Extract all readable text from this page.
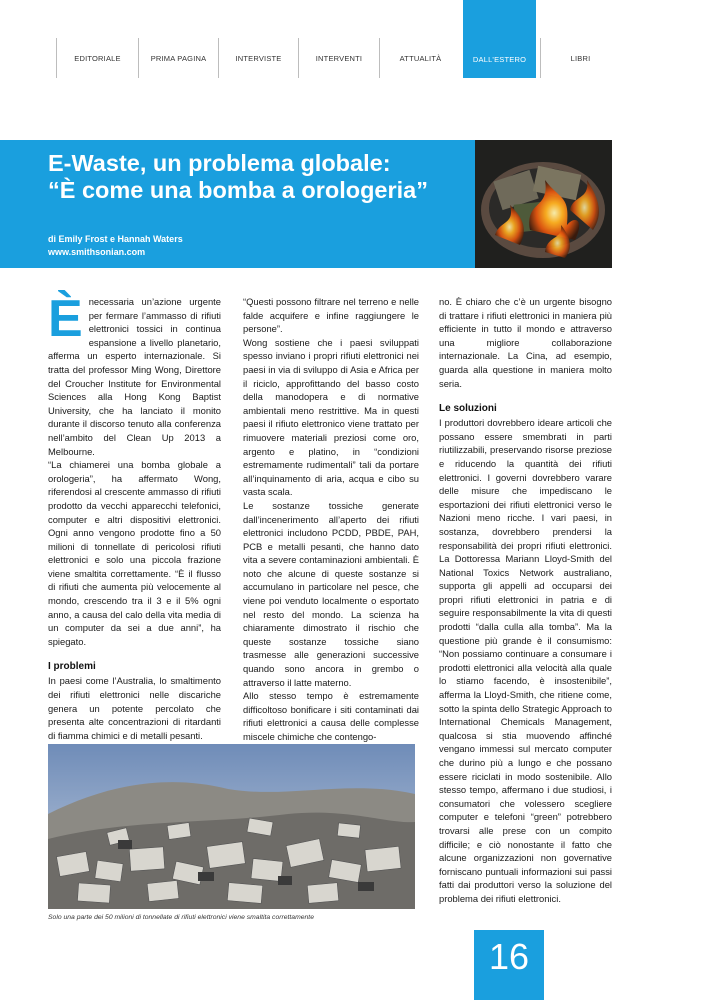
EDITORIALE	PRIMA PAGINA	INTERVISTE	INTERVENTI	ATTUALITÀ	DALL'ESTERO	LIBRI
E-Waste, un problema globale:
“È come una bomba a orologeria”
di Emily Frost e Hannah Waters
www.smithsonian.com

Ènecessaria un’azione urgente per fermare l’ammasso di rifiuti elettronici tossici in continua espansione a livello planetario, afferma un esperto internazionale. Si tratta del professor Ming Wong, Direttore del Croucher Institute for Environmental Sciences alla Hong Kong Baptist University, che ha lanciato il monito durante il discorso tenuto alla conferenza nell’ambito del Clean Up 2013 a Melbourne.

“La chiamerei una bomba globale a orologeria”, ha affermato Wong, riferendosi al crescente ammasso di rifiuti prodotto da vecchi apparecchi telefonici, computer e altri dispositivi elettronici. Ogni anno vengono prodotte fino a 50 milioni di tonnellate di pericolosi rifiuti elettronici e solo una piccola frazione viene smaltita correttamente. “È il flusso di rifiuti che aumenta più velocemente al mondo, crescendo tra il 3 e il 5% ogni anno, a causa del calo della vita media di un computer da sei a due anni”, ha spiegato.

I problemi

In paesi come l’Australia, lo smaltimento dei rifiuti elettronici nelle discariche genera un potente percolato che presenta alte concentrazioni di ritardanti di fiamma chimici e di metalli pesanti.

“Questi possono filtrare nel terreno e nelle falde acquifere e infine raggiungere le persone”.

Wong sostiene che i paesi sviluppati spesso inviano i propri rifiuti elettronici nei paesi in via di sviluppo di Asia e Africa per il riciclo, approfittando del basso costo della manodopera e di normative ambientali meno restrittive. Ma in questi paesi il rifiuto elettronico viene trattato per rimuovere materiali preziosi come oro, argento e platino, in “condizioni estremamente rudimentali” tali da portare all’inquinamento di aria, acqua e cibo su vasta scala.

Le sostanze tossiche generate dall’incenerimento all’aperto dei rifiuti elettronici includono PCDD, PBDE, PAH, PCB e metalli pesanti, che hanno dato vita a severe contaminazioni ambientali. È noto che alcune di queste sostanze si accumulano in particolare nel pesce, che viene poi venduto localmente o esportato nel resto del mondo. La scienza ha chiaramente dimostrato il rischio che queste sostanze tossiche siano trasmesse alle generazioni successive quando sono ancora in grembo o attraverso il latte materno.

Allo stesso tempo è estremamente difficoltoso bonificare i siti contaminati dai rifiuti elettronici a causa delle complesse miscele chimiche che contengo-

no. È chiaro che c’è un urgente bisogno di trattare i rifiuti elettronici in maniera più efficiente in tutto il mondo e attraverso una migliore collaborazione internazionale. La Cina, ad esempio, guarda alla questione in maniera molto seria.

Le soluzioni

I produttori dovrebbero ideare articoli che possano essere smembrati in parti riutilizzabili, preservando risorse preziose e riducendo la quantità dei rifiuti elettronici. I governi dovrebbero varare delle misure che impediscano le esportazioni dei rifiuti elettronici verso le Nazioni meno ricche. I vari paesi, in sostanza, dovrebbero prendersi la responsabilità dei propri rifiuti elettronici. La Dottoressa Mariann Lloyd-Smith del National Toxics Network australiano, supporta gli appelli ad occuparsi dei propri rifiuti elettronici in patria e di seguire responsabilmente la vita di questi prodotti “dalla culla alla tomba”. Ma la questione più grande è il consumismo: “Non possiamo continuare a consumare i prodotti elettronici alla velocità alla quale lo stiamo facendo, è insostenibile”, afferma la Lloyd-Smith, che ritiene come, sotto la spinta dello Strategic Approach to International Chemicals Management, qualcosa si stia muovendo affinché vengano immessi sul mercato computer che durino più a lungo e che possano essere riciclati in modo sostenibile. Allo stesso tempo, affermano i due studiosi, i consumatori che volessero scegliere computer e telefoni “green” potrebbero trovarsi alle prese con un compito difficile; e ciò nonostante il fatto che alcune organizzazioni non governative forniscano puntuali informazioni sui passi fatti dai produttori verso la soluzione del problema dei rifiuti elettronici.

Solo una parte dei 50 milioni di tonnellate di rifiuti elettronici viene smaltita correttamente
16
